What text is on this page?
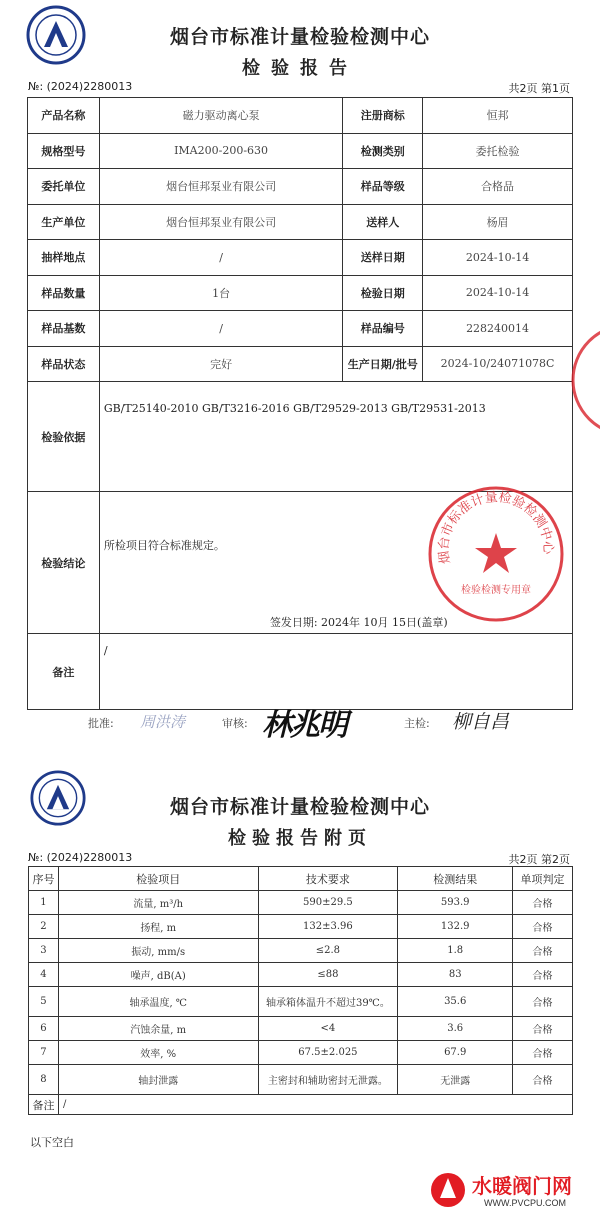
烟台市标准计量检验检测中心
检验报告
№: (2024)2280013	共2页 第1页
产品名称	磁力驱动离心泵	注册商标	恒邦
规格型号	IMA200-200-630	检测类别	委托检验
委托单位	烟台恒邦泵业有限公司	样品等级	合格品
生产单位	烟台恒邦泵业有限公司	送样人	杨眉
抽样地点	/	送样日期	2024-10-14
样品数量	1台	检验日期	2024-10-14
样品基数	/	样品编号	228240014
样品状态	完好	生产日期/批号	2024-10/24071078C
检验依据	GB/T25140-2010 GB/T3216-2016 GB/T29529-2013 GB/T29531-2013		
检验结论	所检项目符合标准规定。
签发日期: 2024年 10月 15日(盖章)		

备注	/		
烟台市标准计量检验检测中心
检验检测专用章
批准: 周洪涛	审核: 林兆明	主检: 柳自昌
烟台市标准计量检验检测中心
检验报告附页
№: (2024)2280013	共2页 第2页
序号	检验项目	技术要求	检测结果	单项判定
1	流量, m³/h	590±29.5	593.9	合格
2	扬程, m	132±3.96	132.9	合格
3	振动, mm/s	≤2.8	1.8	合格
4	噪声, dB(A)	≤88	83	合格
5	轴承温度, ℃	轴承箱体温升不超过39℃。	35.6	合格
6	汽蚀余量, m	<4	3.6	合格
7	效率, %	67.5±2.025	67.9	合格
8	轴封泄露	主密封和辅助密封无泄露。	无泄露	合格
备注	/			
以下空白
水暖阀门网
WWW.PVCPU.COM
